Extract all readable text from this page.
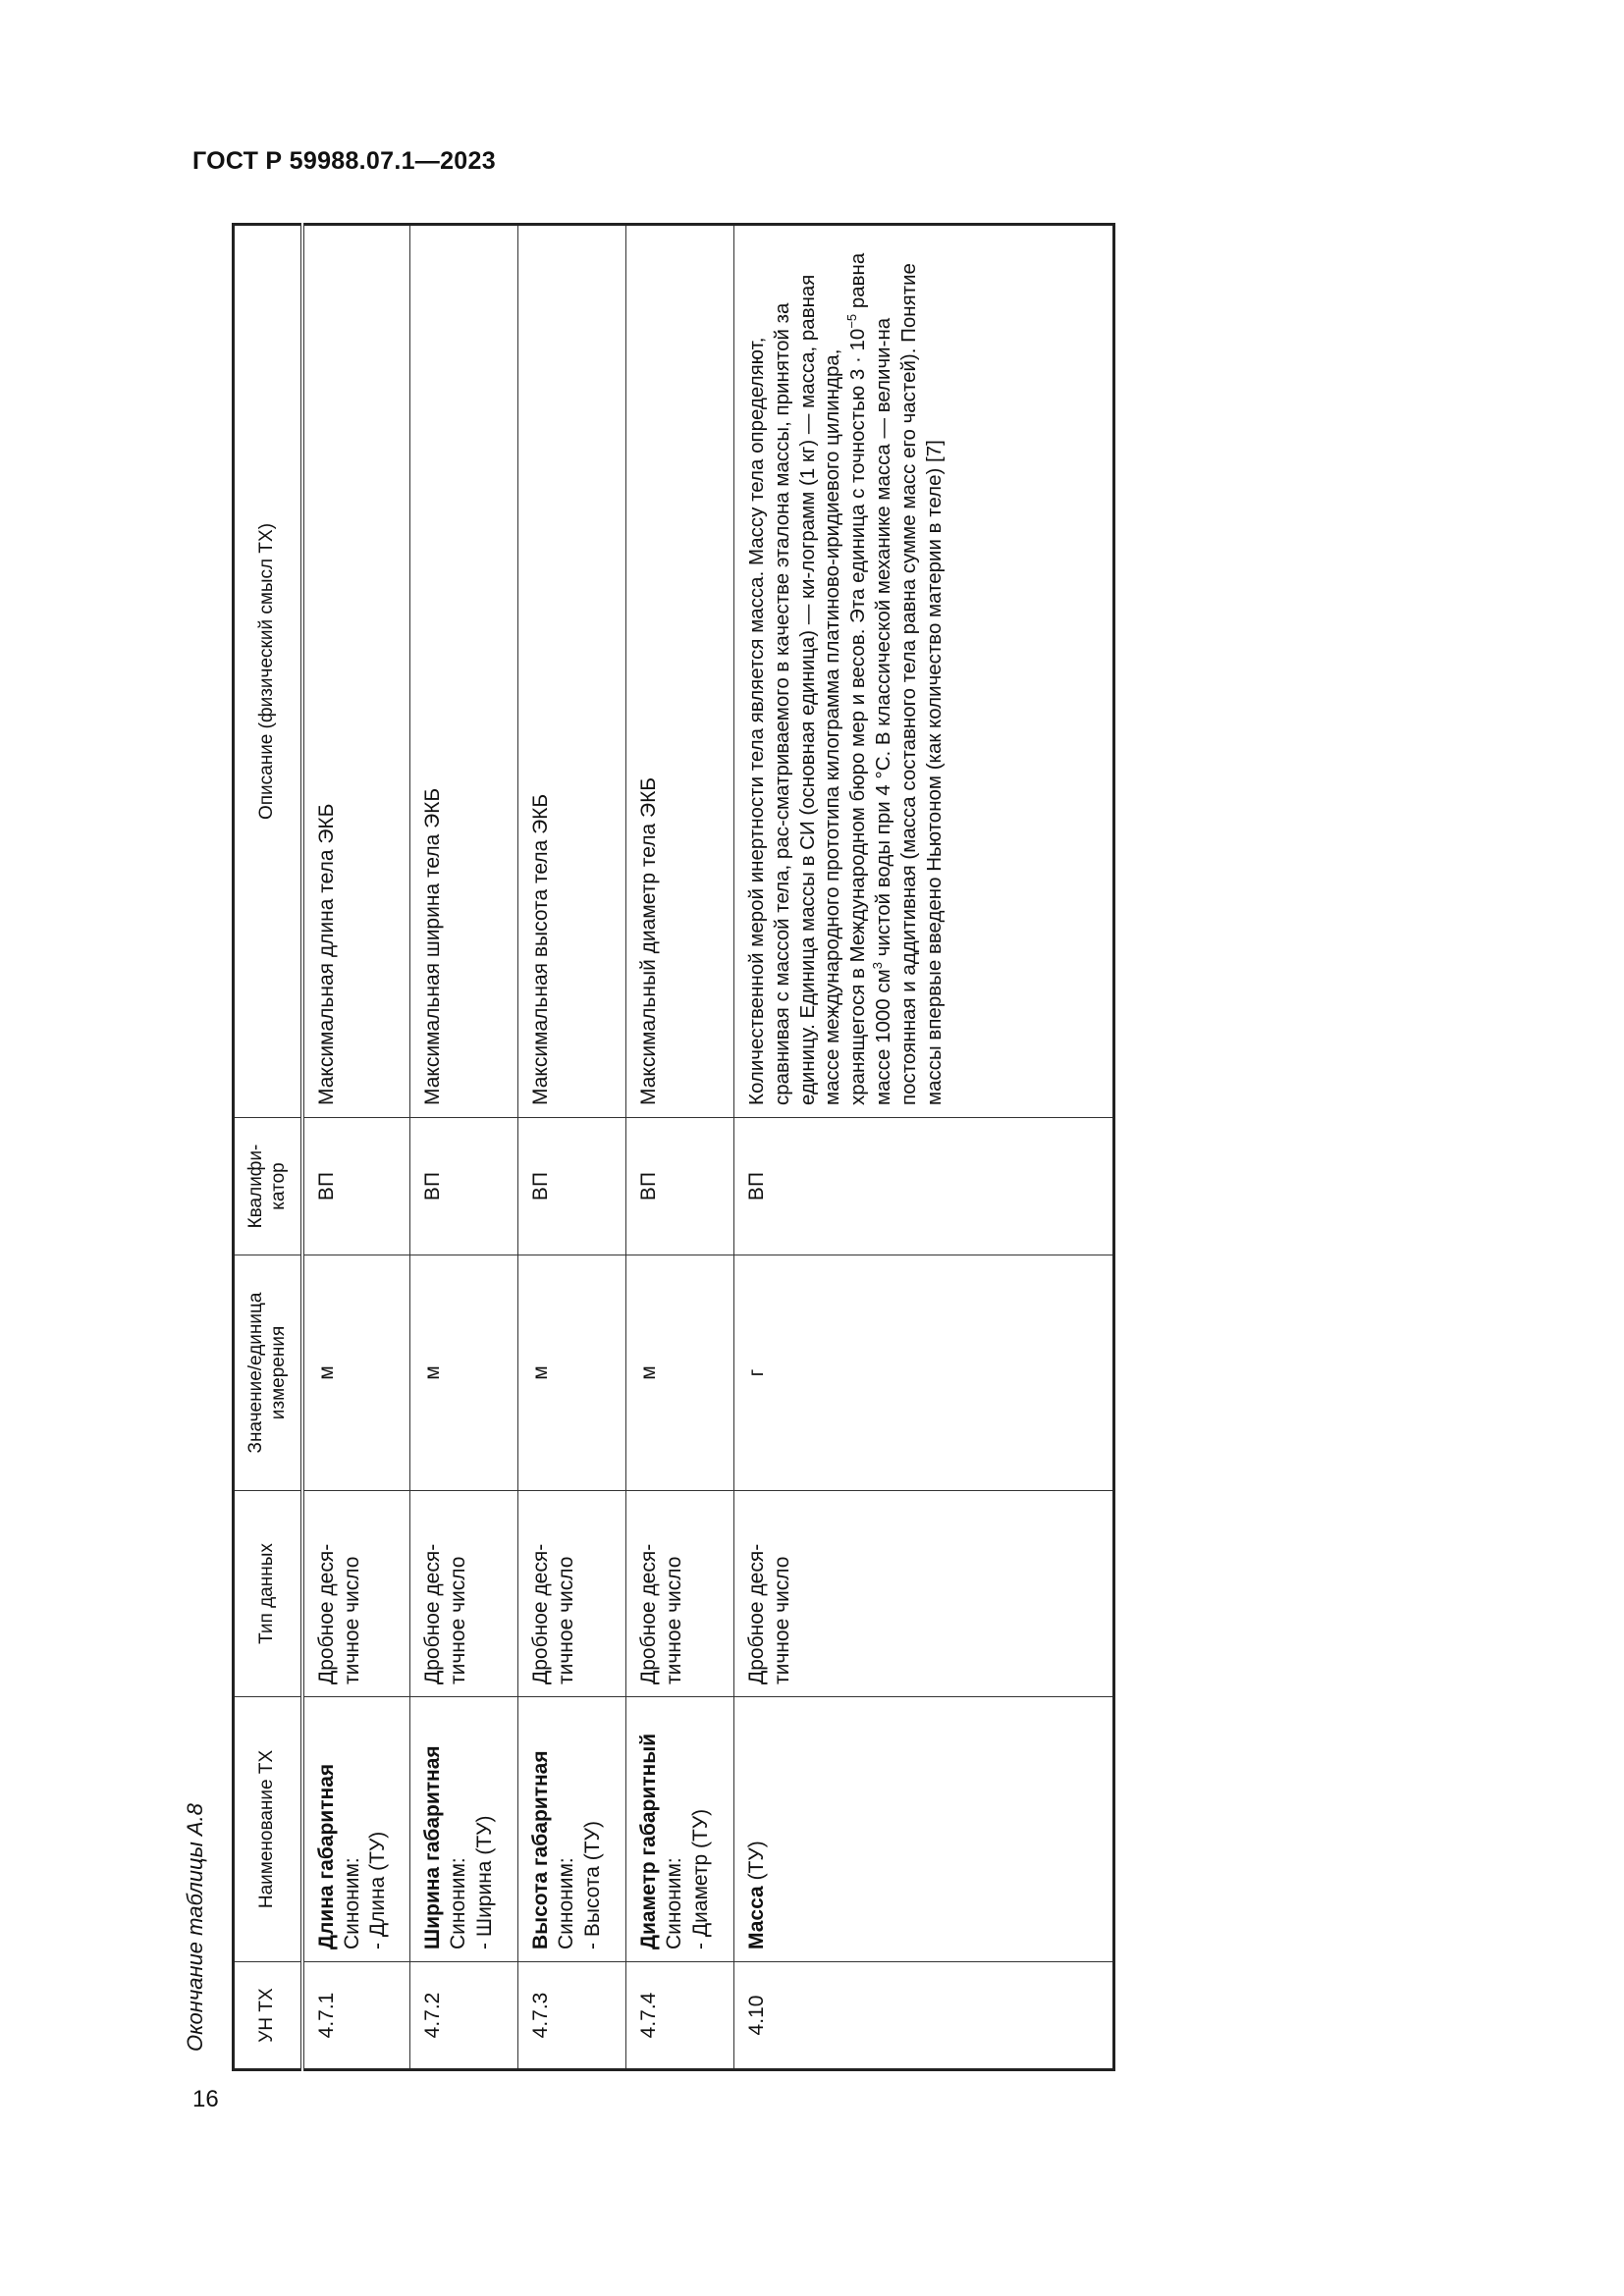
ГОСТ Р 59988.07.1—2023
Окончание таблицы А.8	УН ТХ	Наименование ТХ	Тип данных	Значение/единица измерения	Квалифи-катор	Описание (физический смысл ТХ)
4.7.1	Длина габаритная Синоним: - Длина (ТУ)	Дробное деся-тичное число	м	ВП	Максимальная длина тела ЭКБ
4.7.2	Ширина габаритная Синоним: - Ширина (ТУ)	Дробное деся-тичное число	м	ВП	Максимальная ширина тела ЭКБ
4.7.3	Высота габаритная Синоним: - Высота (ТУ)	Дробное деся-тичное число	м	ВП	Максимальная высота тела ЭКБ
4.7.4	Диаметр габаритный Синоним: - Диаметр (ТУ)	Дробное деся-тичное число	м	ВП	Максимальный диаметр тела ЭКБ
4.10	Масса (ТУ)	Дробное деся-тичное число	г	ВП	Количественной мерой инертности тела является масса. Массу тела определяют, сравнивая с массой тела, рас-сматриваемого в качестве эталона массы, принятой за единицу. Единица массы в СИ (основная единица) — ки-лограмм (1 кг) — масса, равная массе международного прототипа килограмма платиново-иридиевого цилиндра, хранящегося в Международном бюро мер и весов. Эта единица с точностью $3 \cdot 10^{-5}$ равна массе 1000 $см^3$ чистой воды при 4 °С. В классической механике масса — величи-на постоянная и аддитивная (масса составного тела равна сумме масс его частей). Понятие массы впервые введено Ньютоном (как количество материи в теле) [7]
16
